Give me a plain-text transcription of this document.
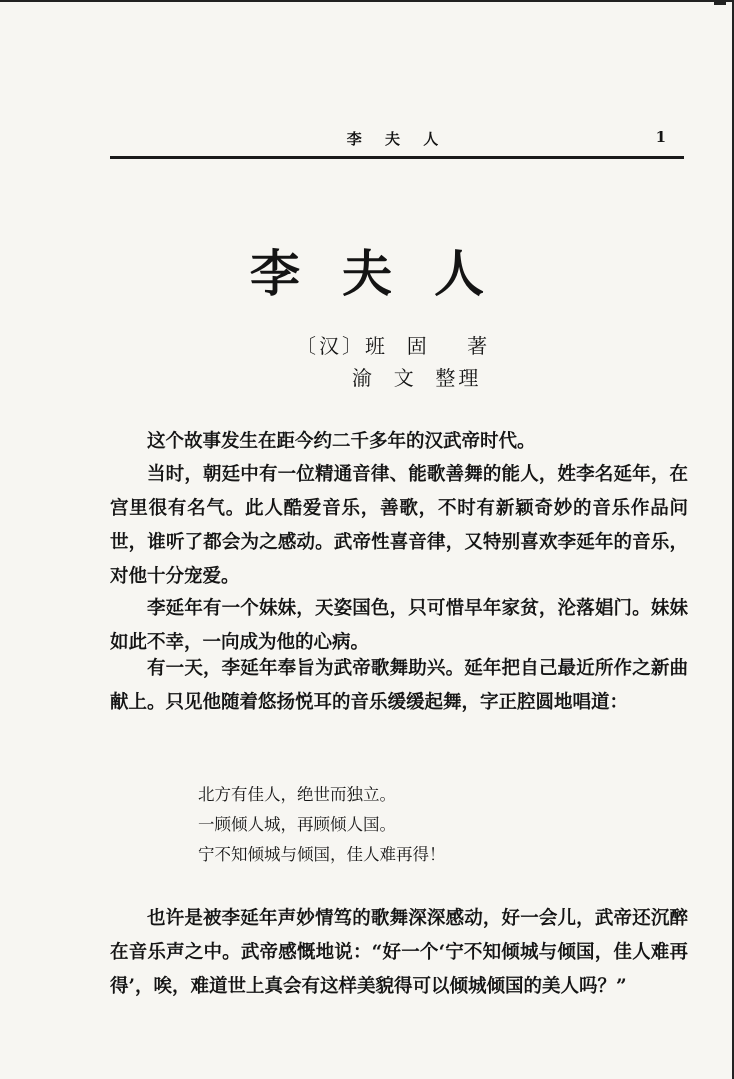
李 夫 人	1
李夫人
〔汉〕班  固    著
渝  文  整理

这个故事发生在距今约二千多年的汉武帝时代。

当时，朝廷中有一位精通音律、能歌善舞的能人，姓李名延年，在宫里很有名气。此人酷爱音乐，善歌，不时有新颖奇妙的音乐作品问世，谁听了都会为之感动。武帝性喜音律，又特别喜欢李延年的音乐，对他十分宠爱。

李延年有一个妹妹，天姿国色，只可惜早年家贫，沦落娼门。妹妹如此不幸，一向成为他的心病。

有一天，李延年奉旨为武帝歌舞助兴。延年把自己最近所作之新曲献上。只见他随着悠扬悦耳的音乐缓缓起舞，字正腔圆地唱道：

北方有佳人，绝世而独立。
一顾倾人城，再顾倾人国。
宁不知倾城与倾国，佳人难再得！

也许是被李延年声妙情笃的歌舞深深感动，好一会儿，武帝还沉醉在音乐声之中。武帝感慨地说：“好一个‘宁不知倾城与倾国，佳人难再得’，唉，难道世上真会有这样美貌得可以倾城倾国的美人吗？”
